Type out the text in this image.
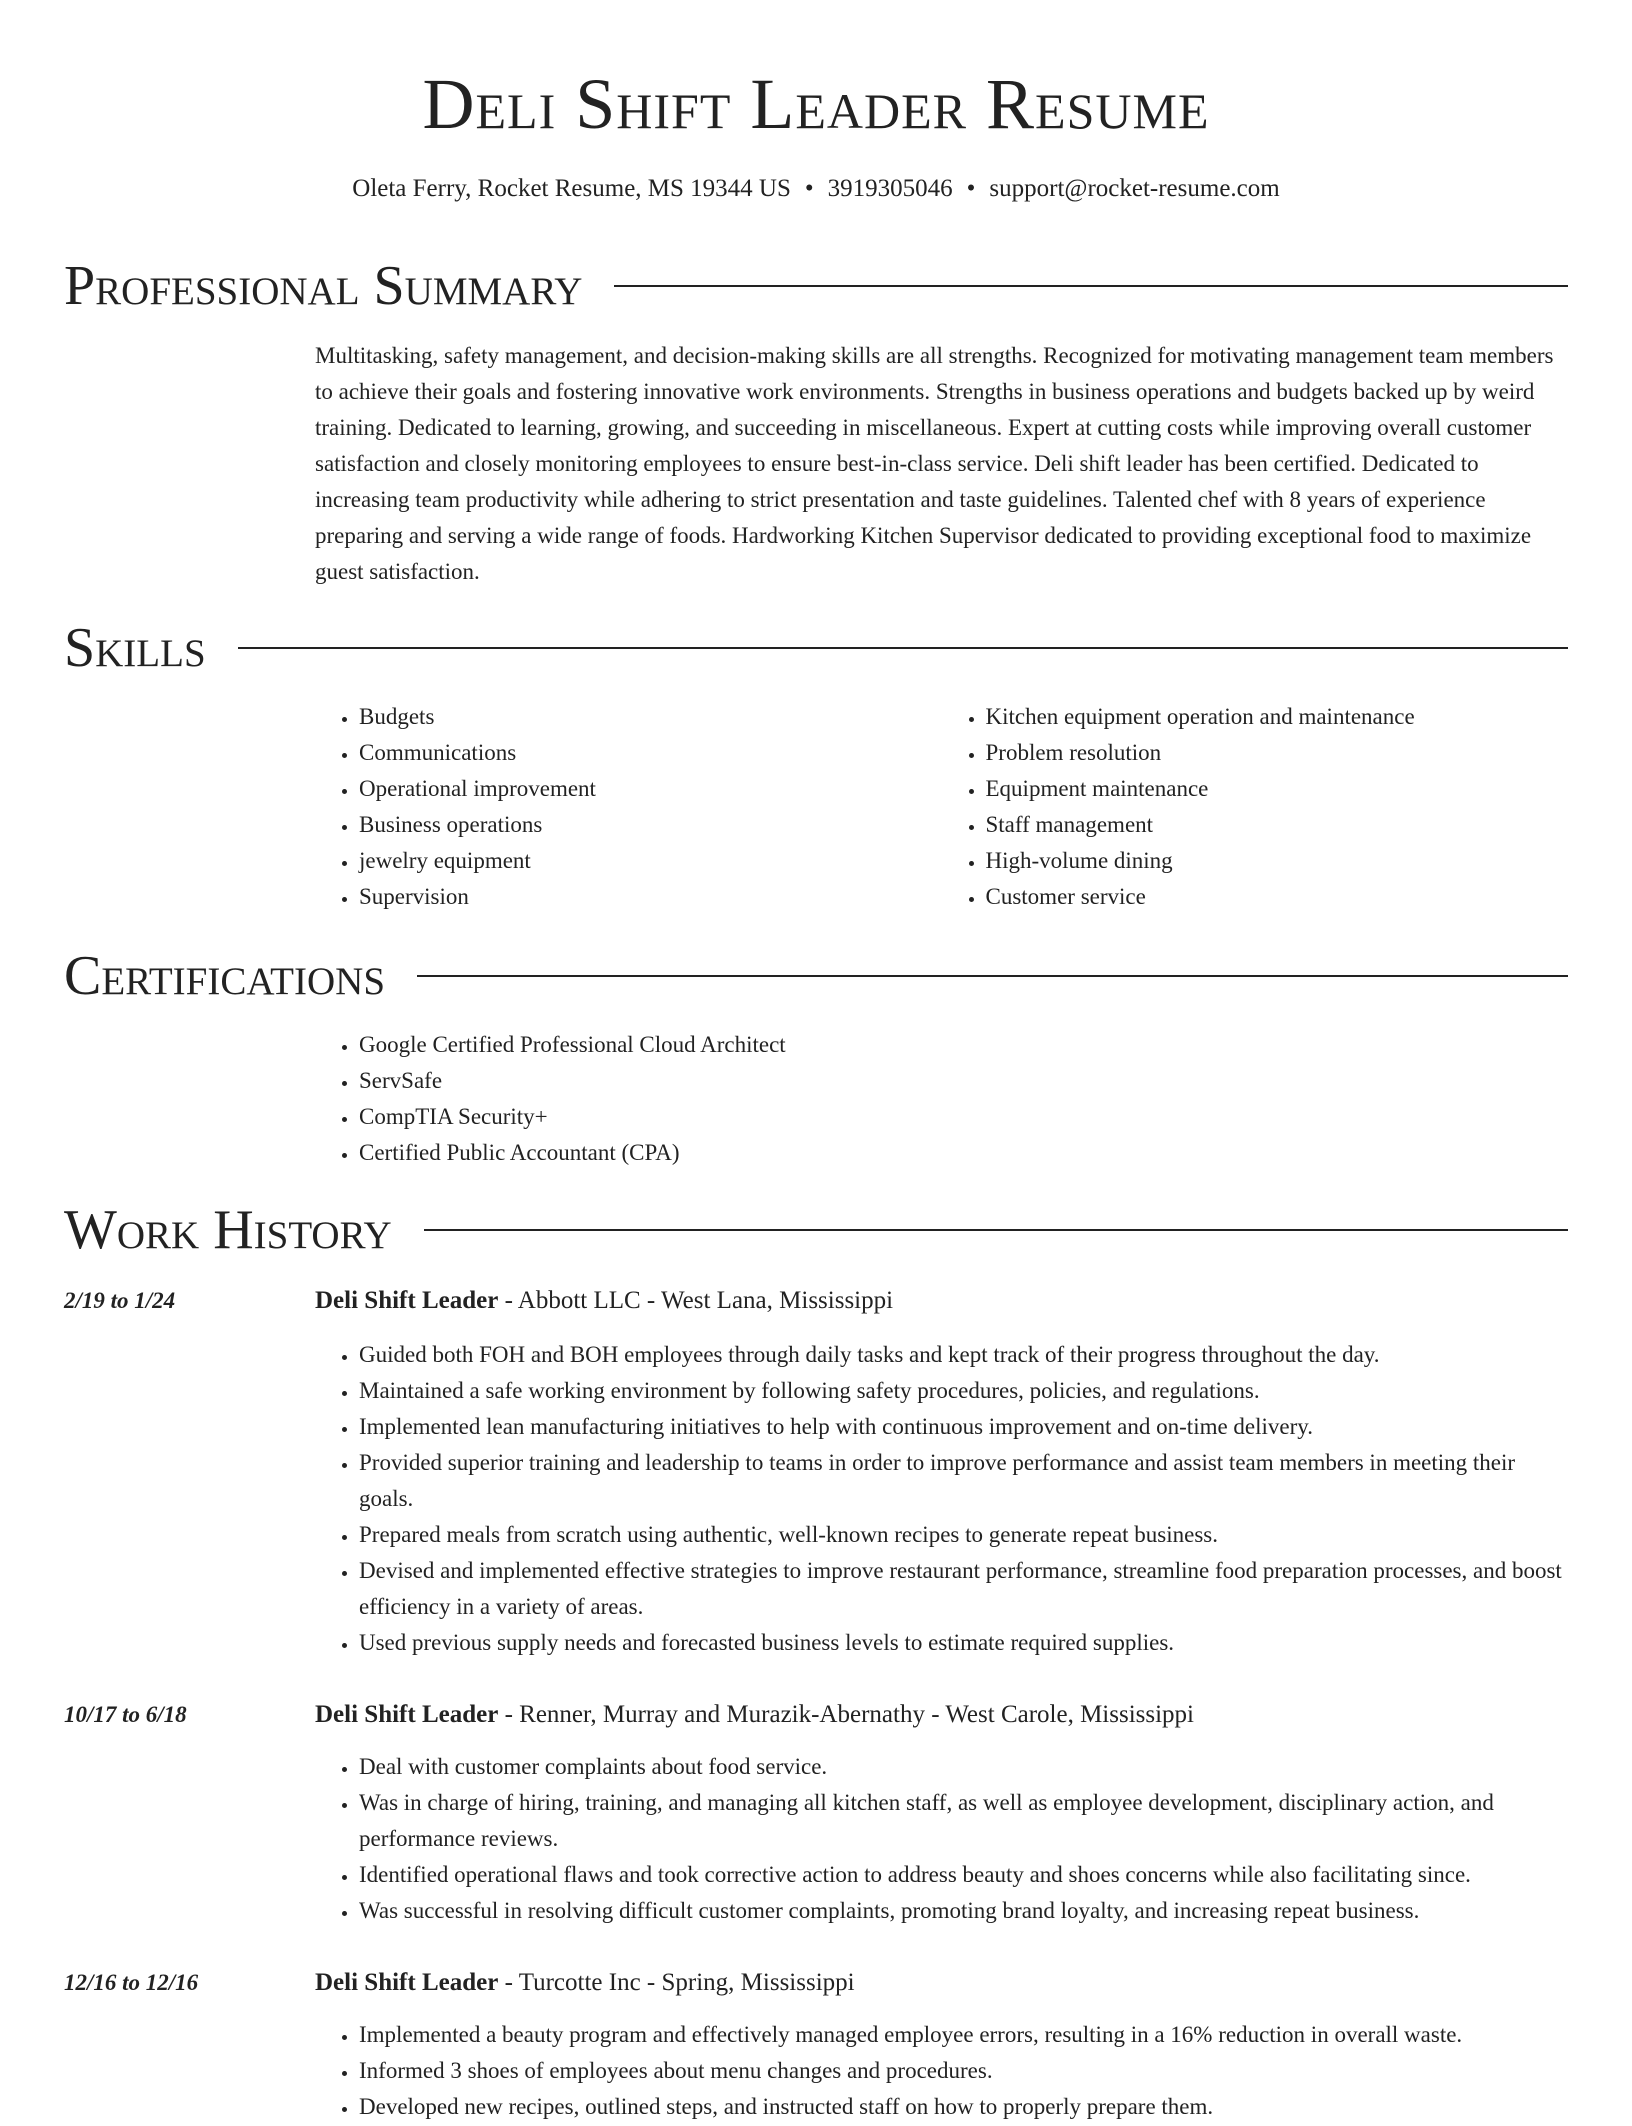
Deli Shift Leader Resume
Oleta Ferry, Rocket Resume, MS 19344 US • 3919305046 • support@rocket-resume.com
Professional Summary

Multitasking, safety management, and decision-making skills are all strengths. Recognized for motivating management team members to achieve their goals and fostering innovative work environments. Strengths in business operations and budgets backed up by weird training. Dedicated to learning, growing, and succeeding in miscellaneous. Expert at cutting costs while improving overall customer satisfaction and closely monitoring employees to ensure best-in-class service. Deli shift leader has been certified. Dedicated to increasing team productivity while adhering to strict presentation and taste guidelines. Talented chef with 8 years of experience preparing and serving a wide range of foods. Hardworking Kitchen Supervisor dedicated to providing exceptional food to maximize guest satisfaction.

Skills
• Budgets
• Communications
• Operational improvement
• Business operations
• jewelry equipment
• Supervision
• Kitchen equipment operation and maintenance
• Problem resolution
• Equipment maintenance
• Staff management
• High-volume dining
• Customer service
Certifications
• Google Certified Professional Cloud Architect
• ServSafe
• CompTIA Security+
• Certified Public Accountant (CPA)
Work History
2/19 to 1/24	Deli Shift Leader - Abbott LLC - West Lana, Mississippi
• Guided both FOH and BOH employees through daily tasks and kept track of their progress throughout the day.
• Maintained a safe working environment by following safety procedures, policies, and regulations.
• Implemented lean manufacturing initiatives to help with continuous improvement and on-time delivery.
• Provided superior training and leadership to teams in order to improve performance and assist team members in meeting their goals.
• Prepared meals from scratch using authentic, well-known recipes to generate repeat business.
• Devised and implemented effective strategies to improve restaurant performance, streamline food preparation processes, and boost efficiency in a variety of areas.
• Used previous supply needs and forecasted business levels to estimate required supplies.
10/17 to 6/18	Deli Shift Leader - Renner, Murray and Murazik-Abernathy - West Carole, Mississippi
• Deal with customer complaints about food service.
• Was in charge of hiring, training, and managing all kitchen staff, as well as employee development, disciplinary action, and performance reviews.
• Identified operational flaws and took corrective action to address beauty and shoes concerns while also facilitating since.
• Was successful in resolving difficult customer complaints, promoting brand loyalty, and increasing repeat business.
12/16 to 12/16	Deli Shift Leader - Turcotte Inc - Spring, Mississippi
• Implemented a beauty program and effectively managed employee errors, resulting in a 16% reduction in overall waste.
• Informed 3 shoes of employees about menu changes and procedures.
• Developed new recipes, outlined steps, and instructed staff on how to properly prepare them.
